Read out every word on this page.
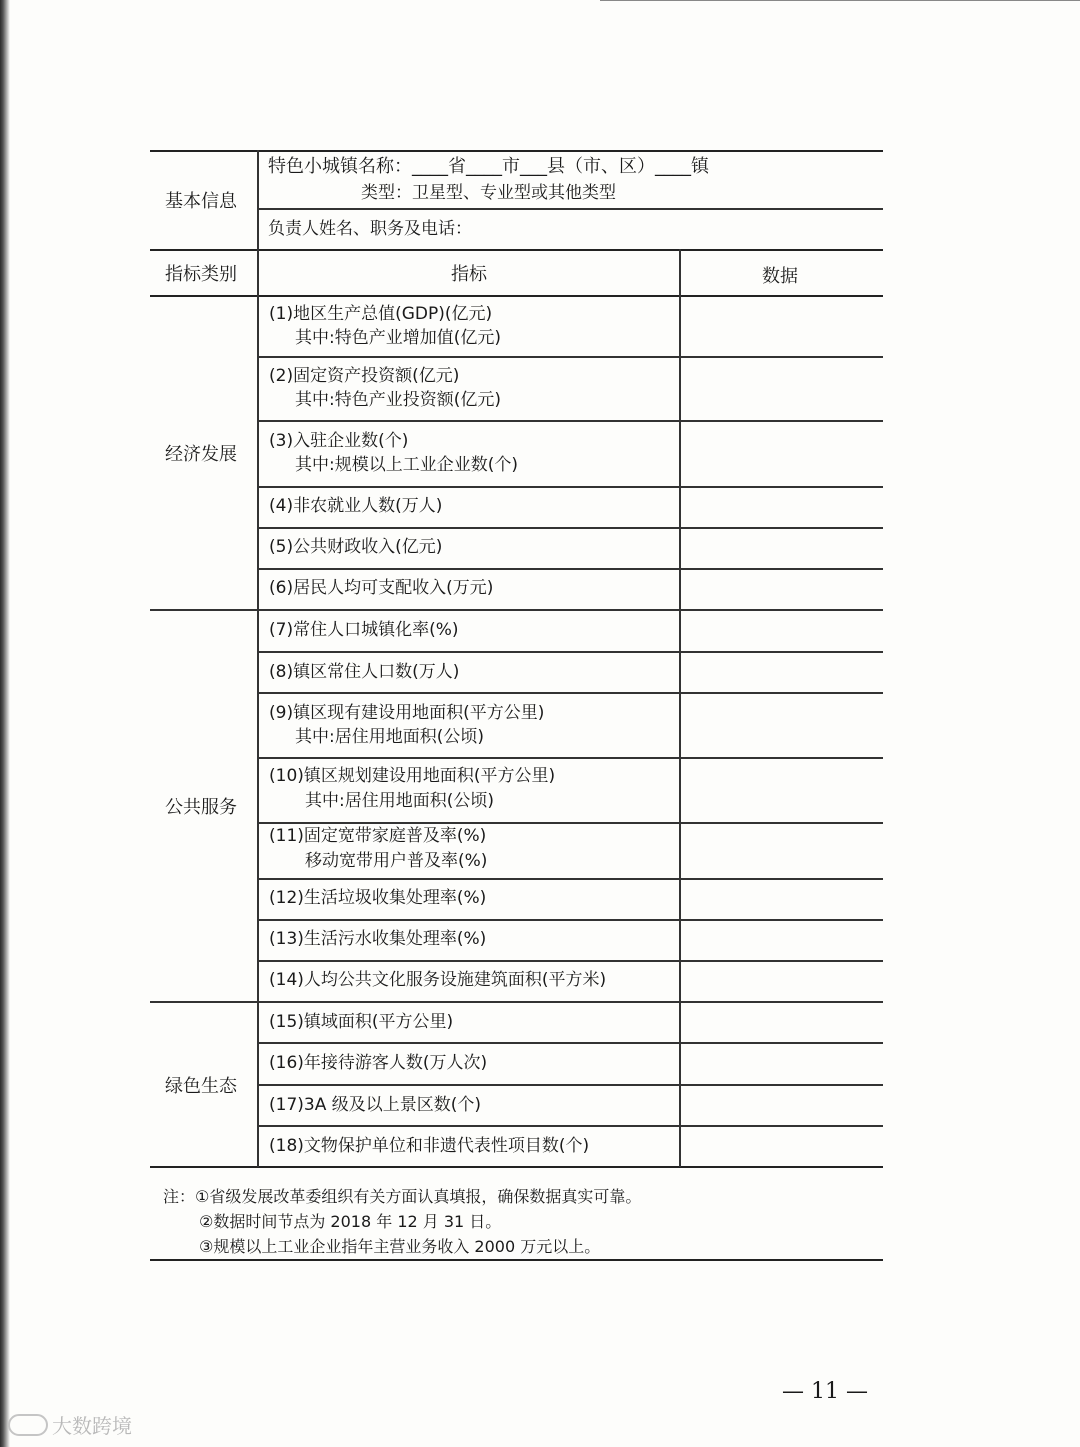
基本信息
特色小城镇名称：____省____市___县（市、区）____镇
类型：卫星型、专业型或其他类型
负责人姓名、职务及电话：
指标类别	指标	数据
经济发展
公共服务
绿色生态
(1)地区生产总值(GDP)(亿元)
其中:特色产业增加值(亿元)
(2)固定资产投资额(亿元)
其中:特色产业投资额(亿元)
(3)入驻企业数(个)
其中:规模以上工业企业数(个)
(4)非农就业人数(万人)
(5)公共财政收入(亿元)
(6)居民人均可支配收入(万元)
(7)常住人口城镇化率(%)
(8)镇区常住人口数(万人)
(9)镇区现有建设用地面积(平方公里)
其中:居住用地面积(公顷)
(10)镇区规划建设用地面积(平方公里)
其中:居住用地面积(公顷)
(11)固定宽带家庭普及率(%)
移动宽带用户普及率(%)
(12)生活垃圾收集处理率(%)
(13)生活污水收集处理率(%)
(14)人均公共文化服务设施建筑面积(平方米)
(15)镇域面积(平方公里)
(16)年接待游客人数(万人次)
(17)3A 级及以上景区数(个)
(18)文物保护单位和非遗代表性项目数(个)
注：①省级发展改革委组织有关方面认真填报，确保数据真实可靠。
②数据时间节点为 2018 年 12 月 31 日。
③规模以上工业企业指年主营业务收入 2000 万元以上。
— 11 —
大数跨境
